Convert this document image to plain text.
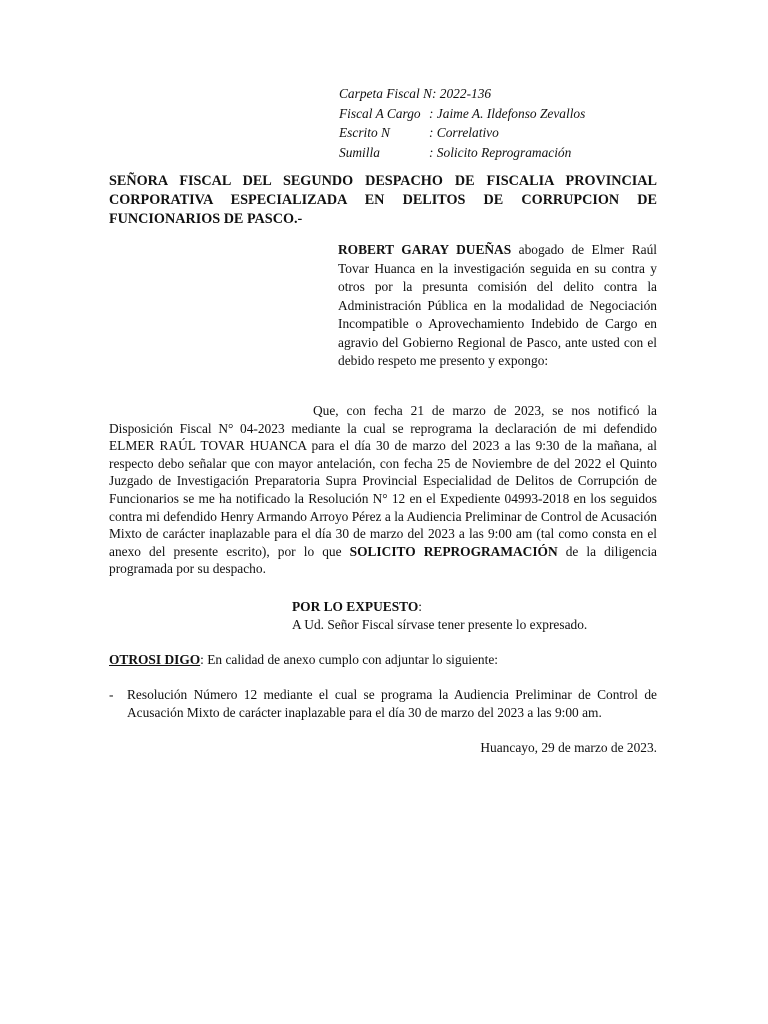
Carpeta Fiscal N: 2022-136
Fiscal A Cargo : Jaime A. Ildefonso Zevallos
Escrito N	: Correlativo
Sumilla	: Solicito Reprogramación
SEÑORA FISCAL DEL SEGUNDO DESPACHO DE FISCALIA PROVINCIAL CORPORATIVA ESPECIALIZADA EN DELITOS DE CORRUPCION DE FUNCIONARIOS DE PASCO.-
ROBERT GARAY DUEÑAS abogado de Elmer Raúl Tovar Huanca en la investigación seguida en su contra y otros por la presunta comisión del delito contra la Administración Pública en la modalidad de Negociación Incompatible o Aprovechamiento Indebido de Cargo en agravio del Gobierno Regional de Pasco, ante usted con el debido respeto me presento y expongo:
Que, con fecha 21 de marzo de 2023, se nos notificó la Disposición Fiscal N° 04-2023 mediante la cual se reprograma la declaración de mi defendido ELMER RAÚL TOVAR HUANCA para el día 30 de marzo del 2023 a las 9:30 de la mañana, al respecto debo señalar que con mayor antelación, con fecha 25 de Noviembre de del 2022 el Quinto Juzgado de Investigación Preparatoria Supra Provincial Especialidad de Delitos de Corrupción de Funcionarios se me ha notificado la Resolución N° 12 en el Expediente 04993-2018 en los seguidos contra mi defendido Henry Armando Arroyo Pérez a la Audiencia Preliminar de Control de Acusación Mixto de carácter inaplazable para el día 30 de marzo del 2023 a las 9:00 am (tal como consta en el anexo del presente escrito), por lo que SOLICITO REPROGRAMACIÓN de la diligencia programada por su despacho.
POR LO EXPUESTO:
A Ud. Señor Fiscal sírvase tener presente lo expresado.
OTROSI DIGO: En calidad de anexo cumplo con adjuntar lo siguiente:
- Resolución Número 12 mediante el cual se programa la Audiencia Preliminar de Control de Acusación Mixto de carácter inaplazable para el día 30 de marzo del 2023 a las 9:00 am.
Huancayo, 29 de marzo de 2023.
